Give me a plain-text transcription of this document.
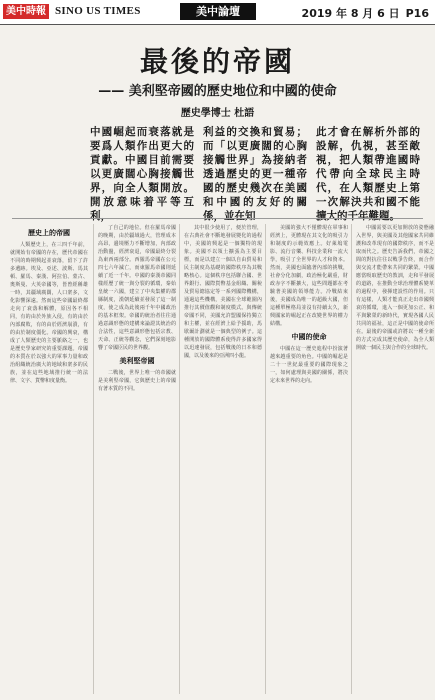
美中時報 SINO US TIMES	美中論壇	2019 年 8 月 6 日 P16
最後的帝國
—— 美利堅帝國的歷史地位和中國的使命
歷史學博士 杜語
中國崛起而衰落就是要爲人類作出更大的貢獻。中國目前需要以更廣闊心胸接觸世界，向全人類開放。開放意味着平等互利，
利益的交換和貿易；而「以更廣闊的心胸接觸世界」為接納者透過歷史的更一種帝國的歷史幾次在美國和中國的友好的關係，並在知
此才會在解析外部的設解，仇視，甚至敵視，把人類帶進國時代帶向全球民主時代，在人類歷史上第一次解決共和國不能擴大的千年難題。
歷史上的帝國

人類歷史上，在三四千年前，就開始有帝國的存在，歷代帝國在不同的時期興起並衰落，留下了許多遺跡。埃及、亞述、波斯、馬其頓、羅馬、秦漢、阿拉伯、蒙古、奧斯曼、大英帝國等，皆曾經稱雄一時，其疆域廣闊，人口衆多，文化影響深遠。然而這些帝國最終都走向了衰落和解體，原因各不相同，有的由於外族入侵，有的由於內部腐敗，有的由於經濟崩潰，有的由於制度僵化。帝國的興衰，構成了人類歷史的主要脈絡之一，也是歷史學家研究的重要課題。帝國的本質在於以強大的軍事力量和政治組織統治廣大的地域和衆多的民族，並在這些地域推行統一的法律、文字、貨幣和度量衡。

了自己的地位。但在羅馬帝國的晚期，由於疆域過大，管理成本高昂，邊境壓力不斷增加，內部政治動盪，經濟衰退，帝國最終分裂為東西兩部分。西羅馬帝國在公元四七六年滅亡，而東羅馬帝國則延續了近一千年。中國的秦漢帝國同樣經歷了統一與分裂的循環，秦始皇統一六國，建立了中央集權的郡縣制度，漢朝延續並發展了這一制度，使之成為此後兩千年中國政治的基本框架。帝國的統治者往往通過意識形態的建構來論證其統治的合法性，這些意識形態包括宗教、天命、正統等觀念，它們深刻地影響了帝國臣民的世界觀。

美利堅帝國

二戰後，世界上唯一的帝國就是美利堅帝國，它與歷史上的帝國有著本質的不同。

其中很少使用了，便於管理，在古典社會不斷地發展變化的過程中，美國的興起是一個獨特的現象。美國不以領土擴張為主要目標，而是以建立一個以自由貿易和民主制度為基礎的國際秩序為其戰略核心。這個秩序包括聯合國、世界銀行、國際貨幣基金組織、關稅及貿易總協定等一系列國際機構，通過這些機構，美國在全球範圍內推行其價值觀和制度模式。與傳統帝國不同，美國允許盟國保持獨立和主權，並在經濟上給予援助，馬歇爾計劃就是一個典型的例子。這種開放的國際體系使得許多國家得以迅速發展，包括戰後的日本和德國，以及後來的亞洲四小龍。

美國的強大不僅體現在軍事和經濟上，更體現在其文化的吸引力和制度的示範效應上。好萊塢電影、流行音樂、科技企業和一流大學，吸引了全世界的人才和資本。然而，美國也面臨著內部的挑戰，社會分化加劇，政治極化嚴重，財政赤字不斷擴大，這些問題都在考驗著美國的領導能力。冷戰結束後，美國成為唯一的超級大國，但這種單極格局並沒有持續太久，新興國家的崛起正在改變世界的權力結構。

中國的使命

中國在這一歷史進程中扮演著越來越重要的角色。中國的崛起是二十一世紀最重要的國際現象之一，如何處理與美國的關係，將決定未來世界的走向。

中國需要以更加開放的姿態融入世界，與美國及其他國家共同維護和改革現有的國際秩序，而不是取而代之。歷史告訴我們，帝國之間的對抗往往以戰爭告終，而合作與交流才能帶來共同的繁榮。中國應當吸取歷史的教訓，走和平發展的道路，在推動全球治理體系變革的過程中，發揮建設性的作用。只有這樣，人類才能真正走出帝國興衰的循環，進入一個更加公正、和平與繁榮的新時代，實現各國人民共同的福祉，這正是中國的使命所在。最後的帝國或許將以一種全新的方式完成其歷史使命，為全人類開啟一個民主與合作的全球時代。
